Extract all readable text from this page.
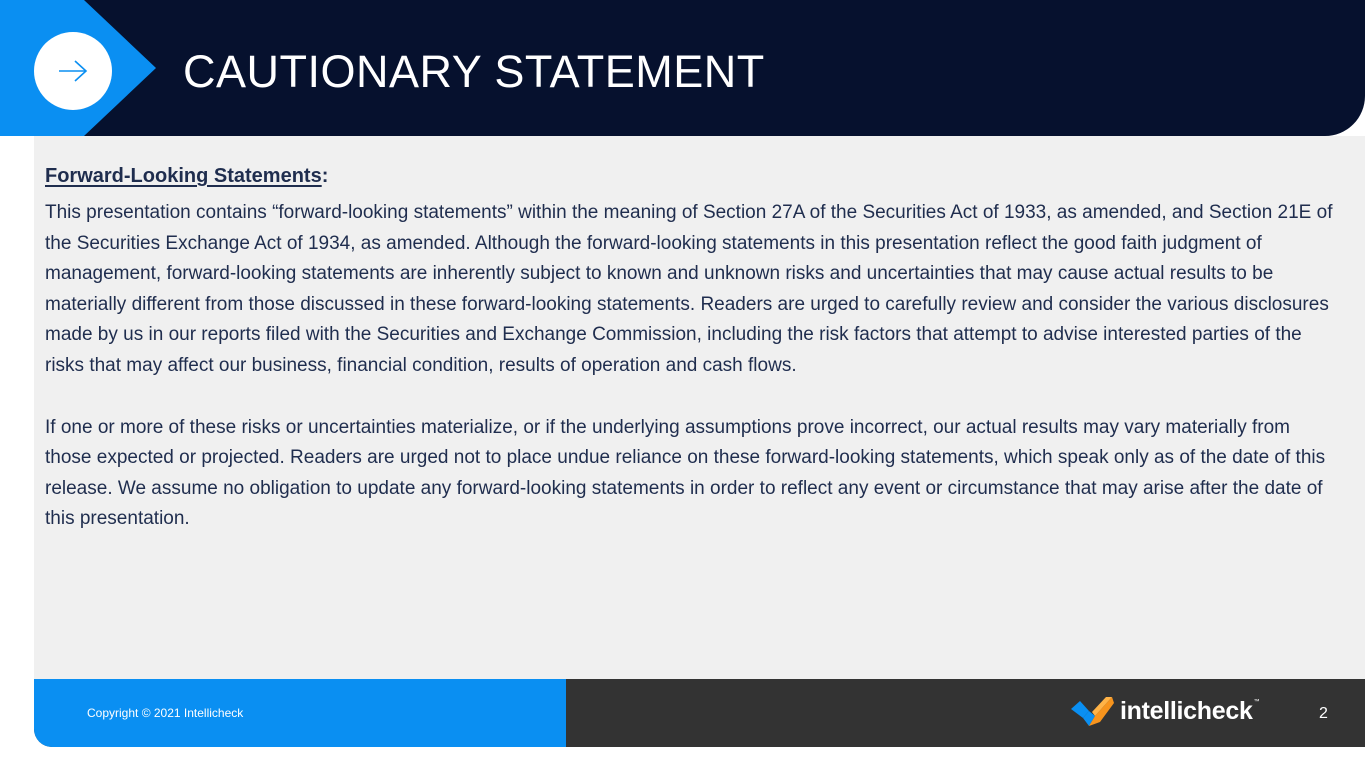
CAUTIONARY STATEMENT

Forward-Looking Statements:

This presentation contains “forward-looking statements” within the meaning of Section 27A of the Securities Act of 1933, as amended, and Section 21E of the Securities Exchange Act of 1934, as amended. Although the forward-looking statements in this presentation reflect the good faith judgment of management, forward-looking statements are inherently subject to known and unknown risks and uncertainties that may cause actual results to be materially different from those discussed in these forward-looking statements. Readers are urged to carefully review and consider the various disclosures made by us in our reports filed with the Securities and Exchange Commission, including the risk factors that attempt to advise interested parties of the risks that may affect our business, financial condition, results of operation and cash flows.

If one or more of these risks or uncertainties materialize, or if the underlying assumptions prove incorrect, our actual results may vary materially from those expected or projected. Readers are urged not to place undue reliance on these forward-looking statements, which speak only as of the date of this release. We assume no obligation to update any forward-looking statements in order to reflect any event or circumstance that may arise after the date of this presentation.

Copyright © 2021 Intellicheck	intellicheck ™
2
